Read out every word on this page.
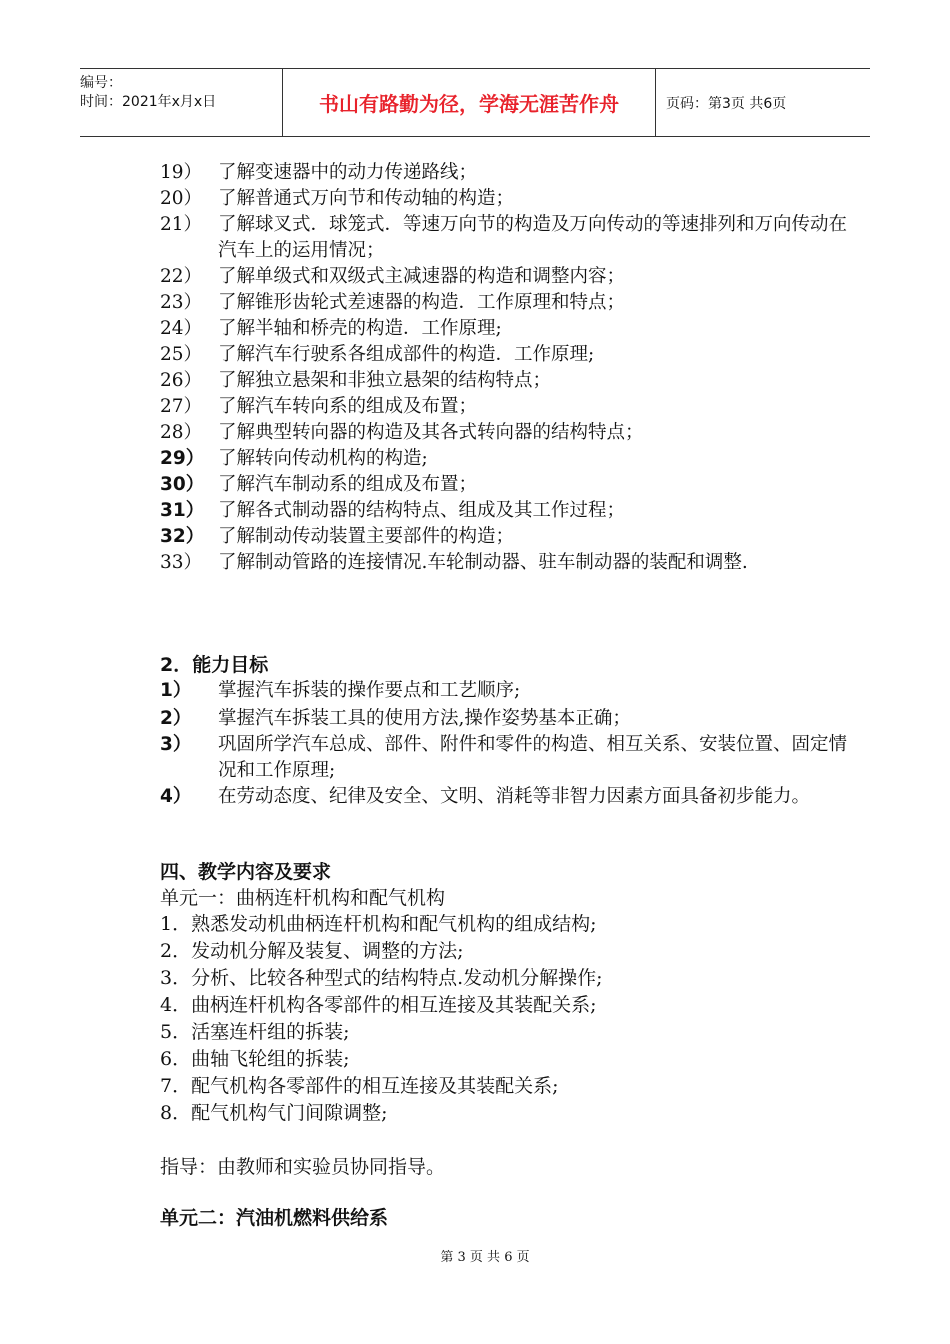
编号：
时间：2021年x月x日	书山有路勤为径，学海无涯苦作舟	页码：第3页 共6页
19） 了解变速器中的动力传递路线；
20） 了解普通式万向节和传动轴的构造；
21） 了解球叉式．球笼式．等速万向节的构造及万向传动的等速排列和万向传动在汽车上的运用情况；
22） 了解单级式和双级式主减速器的构造和调整内容；
23） 了解锥形齿轮式差速器的构造．工作原理和特点；
24） 了解半轴和桥壳的构造．工作原理;
25） 了解汽车行驶系各组成部件的构造．工作原理;
26） 了解独立悬架和非独立悬架的结构特点；
27） 了解汽车转向系的组成及布置；
28） 了解典型转向器的构造及其各式转向器的结构特点；
29） 了解转向传动机构的构造;
30） 了解汽车制动系的组成及布置；
31） 了解各式制动器的结构特点、组成及其工作过程；
32） 了解制动传动装置主要部件的构造；
33） 了解制动管路的连接情况.车轮制动器、驻车制动器的装配和调整.
2．能力目标
1）	掌握汽车拆装的操作要点和工艺顺序;
2）	掌握汽车拆装工具的使用方法,操作姿势基本正确；
3）	巩固所学汽车总成、部件、附件和零件的构造、相互关系、安装位置、固定情况和工作原理;
4）	在劳动态度、纪律及安全、文明、消耗等非智力因素方面具备初步能力。
四、教学内容及要求
单元一：曲柄连杆机构和配气机构
1．熟悉发动机曲柄连杆机构和配气机构的组成结构;
2．发动机分解及装复、调整的方法;
3．分析、比较各种型式的结构特点.发动机分解操作;
4．曲柄连杆机构各零部件的相互连接及其装配关系;
5．活塞连杆组的拆装;
6．曲轴飞轮组的拆装;
7．配气机构各零部件的相互连接及其装配关系;
8．配气机构气门间隙调整;
指导：由教师和实验员协同指导。
单元二：汽油机燃料供给系
第 3 页 共 6 页
